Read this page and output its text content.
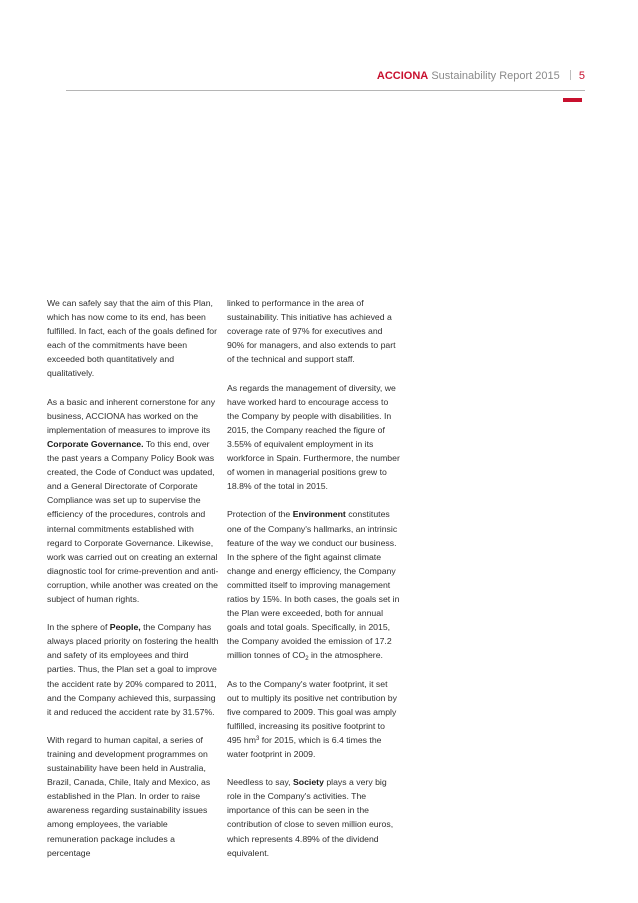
ACCIONA Sustainability Report 2015 5

We can safely say that the aim of this Plan, which has now come to its end, has been fulfilled. In fact, each of the goals defined for each of the commitments have been exceeded both quantitatively and qualitatively.

As a basic and inherent cornerstone for any business, ACCIONA has worked on the implementation of measures to improve its Corporate Governance. To this end, over the past years a Company Policy Book was created, the Code of Conduct was updated, and a General Directorate of Corporate Compliance was set up to supervise the efficiency of the procedures, controls and internal commitments established with regard to Corporate Governance. Likewise, work was carried out on creating an external diagnostic tool for crime-prevention and anti-corruption, while another was created on the subject of human rights.

In the sphere of People, the Company has always placed priority on fostering the health and safety of its employees and third parties. Thus, the Plan set a goal to improve the accident rate by 20% compared to 2011, and the Company achieved this, surpassing it and reduced the accident rate by 31.57%.

With regard to human capital, a series of training and development programmes on sustainability have been held in Australia, Brazil, Canada, Chile, Italy and Mexico, as established in the Plan. In order to raise awareness regarding sustainability issues among employees, the variable remuneration package includes a percentage

linked to performance in the area of sustainability. This initiative has achieved a coverage rate of 97% for executives and 90% for managers, and also extends to part of the technical and support staff.

As regards the management of diversity, we have worked hard to encourage access to the Company by people with disabilities. In 2015, the Company reached the figure of 3.55% of equivalent employment in its workforce in Spain. Furthermore, the number of women in managerial positions grew to 18.8% of the total in 2015.

Protection of the Environment constitutes one of the Company's hallmarks, an intrinsic feature of the way we conduct our business. In the sphere of the fight against climate change and energy efficiency, the Company committed itself to improving management ratios by 15%. In both cases, the goals set in the Plan were exceeded, both for annual goals and total goals. Specifically, in 2015, the Company avoided the emission of 17.2 million tonnes of $CO_2$ in the atmosphere.

As to the Company's water footprint, it set out to multiply its positive net contribution by five compared to 2009. This goal was amply fulfilled, increasing its positive footprint to 495 $hm^3$ for 2015, which is 6.4 times the water footprint in 2009.

Needless to say, Society plays a very big role in the Company's activities. The importance of this can be seen in the contribution of close to seven million euros, which represents 4.89% of the dividend equivalent.
